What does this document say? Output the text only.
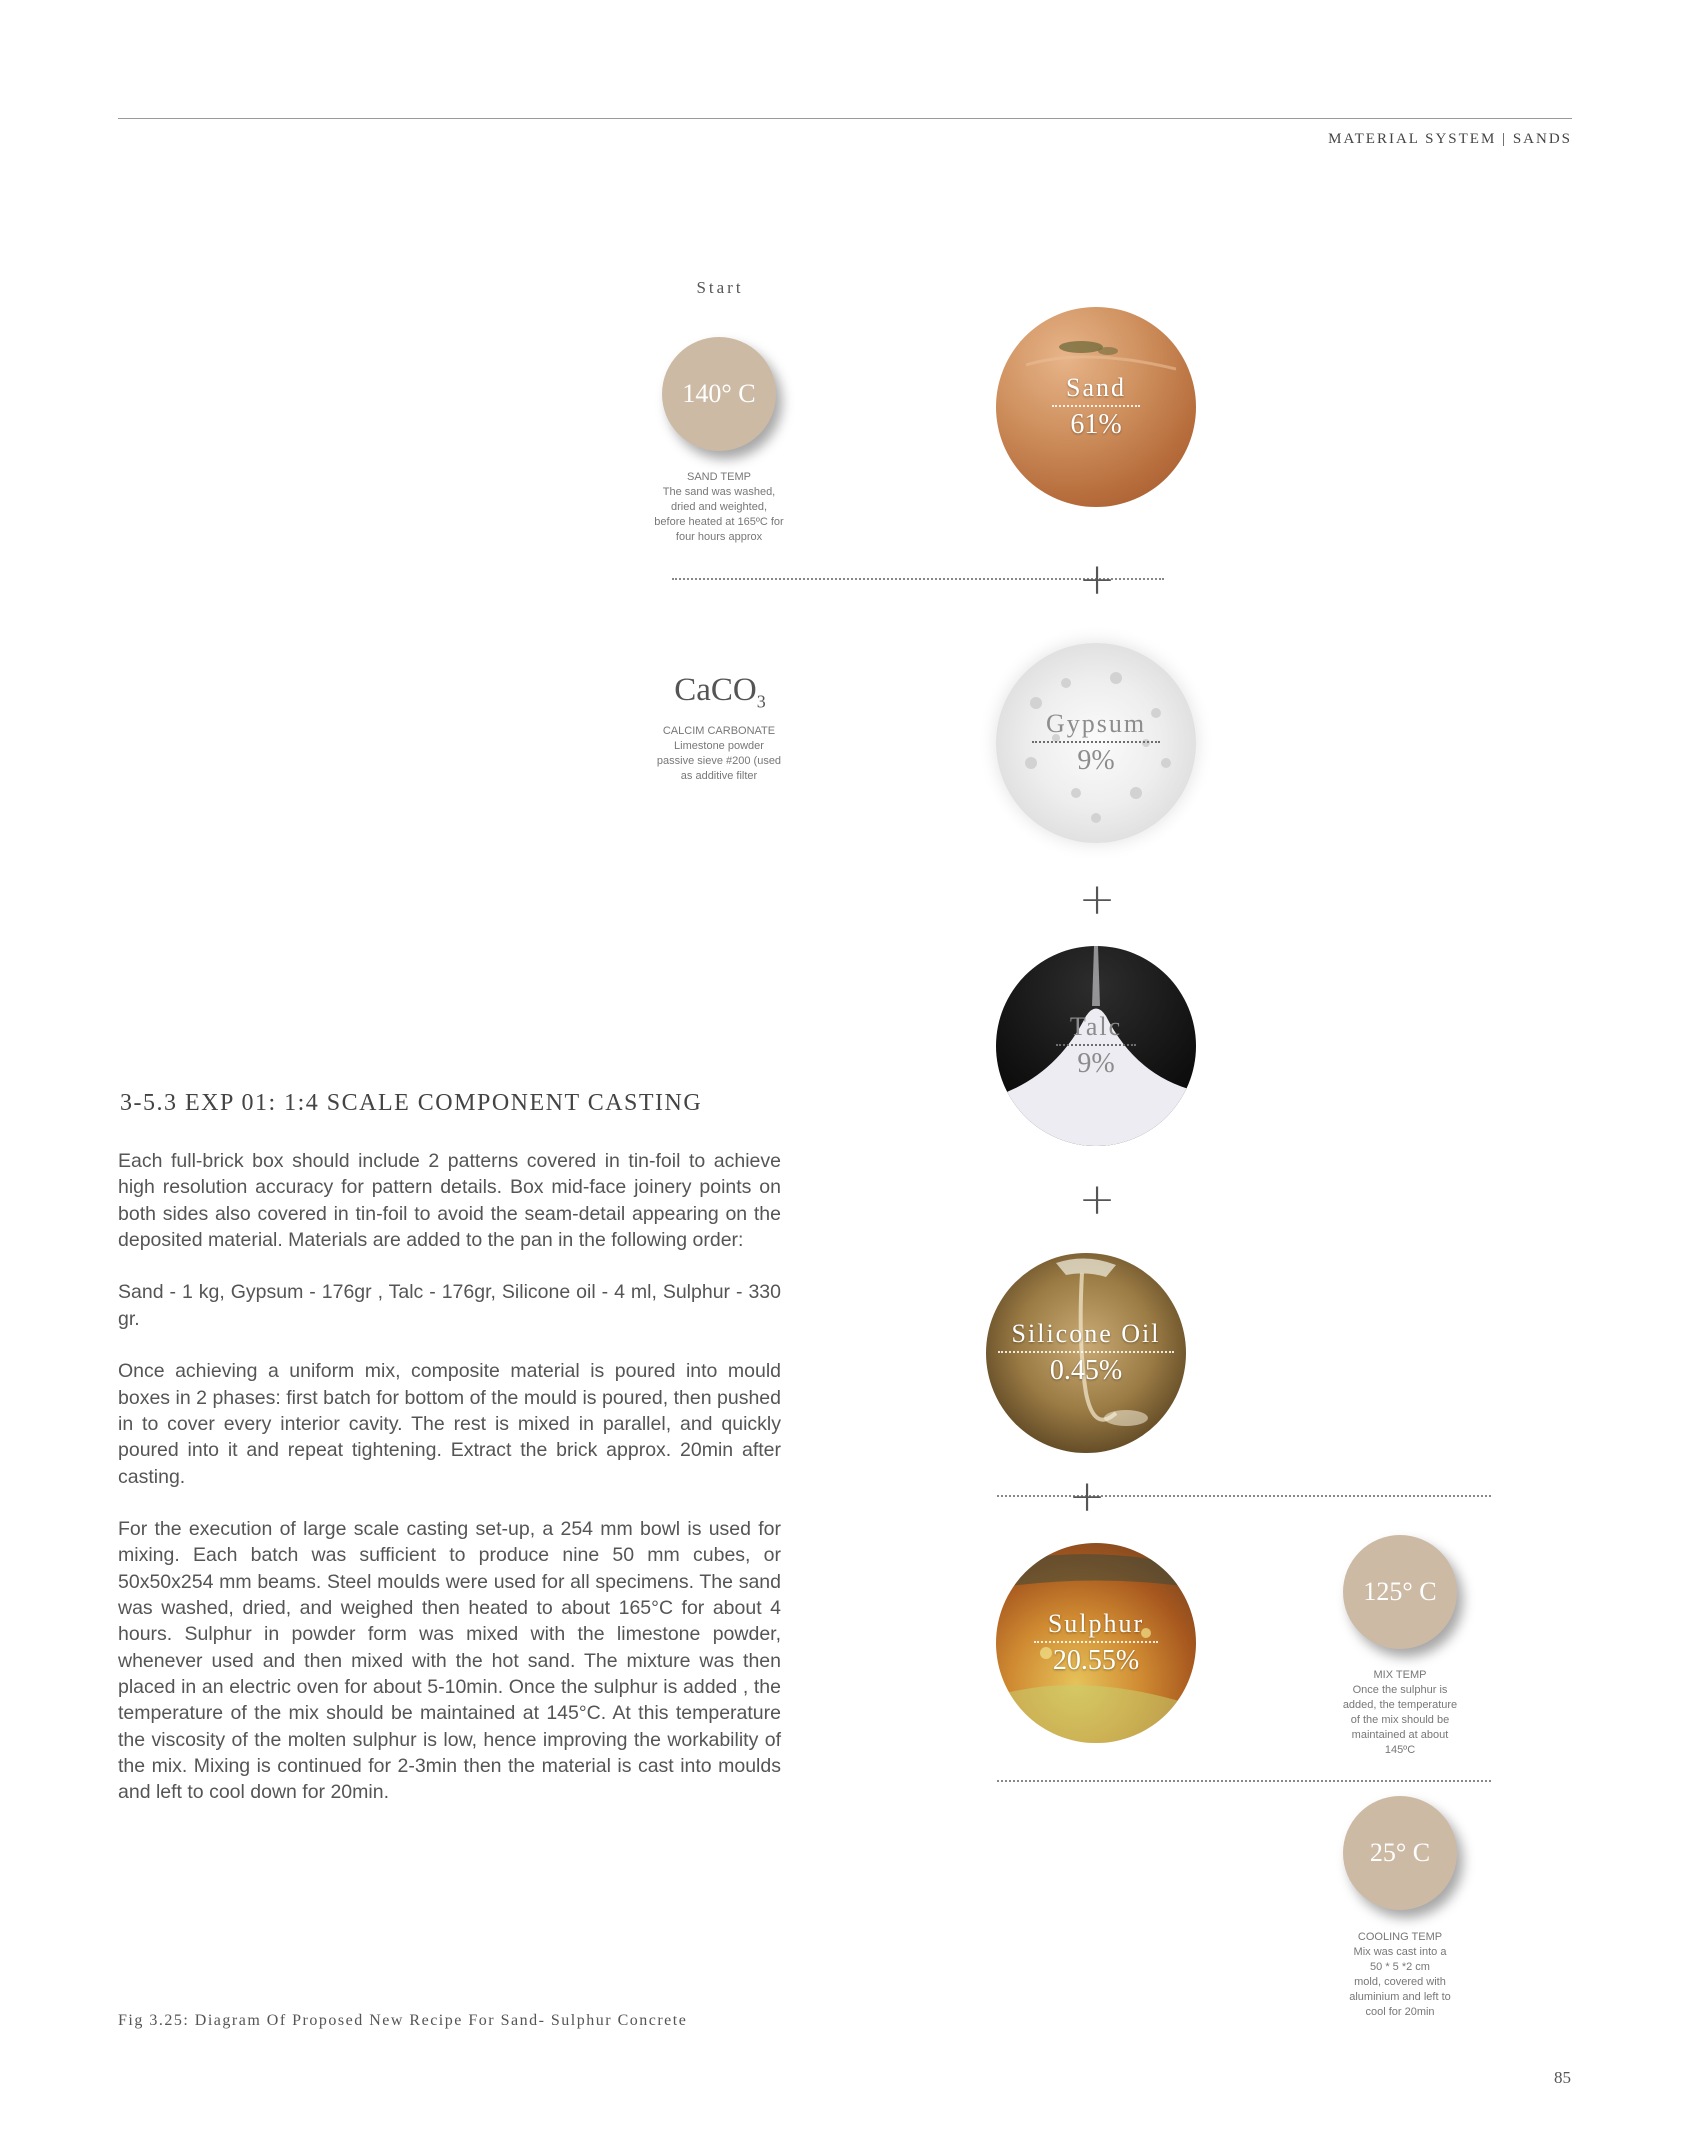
MATERIAL SYSTEM | SANDS
Start
140° C
SAND TEMP
The sand was washed,
dried and weighted,
before heated at 165ºC for
four hours approx
Sand
61%
+
CaCO$_3$
CALCIM CARBONATE
Limestone powder
passive sieve #200 (used
as additive filter
Gypsum
9%
+
Talc
9%
+
Silicone Oil
0.45%
+
Sulphur
20.55%
125° C
MIX TEMP
Once the sulphur is
added, the temperature
of the mix should be
maintained at about
145ºC
25° C
COOLING TEMP
Mix was cast into a
50 * 5 *2 cm
mold, covered with
aluminium and left to
cool for 20min
3-5.3 EXP 01: 1:4 SCALE COMPONENT CASTING

Each full-brick box should include 2 patterns covered in tin-foil to achieve high resolution accuracy for pattern details. Box mid-face joinery points on both sides also covered in tin-foil to avoid the seam-detail appearing on the deposited material. Materials are added to the pan in the following order:

Sand - 1 kg, Gypsum - 176gr , Talc - 176gr, Silicone oil - 4 ml, Sulphur - 330 gr.

Once achieving a uniform mix, composite material is poured into mould boxes in 2 phases: first batch for bottom of the mould is poured, then pushed in to cover every interior cavity. The rest is mixed in parallel, and quickly poured into it and repeat tightening. Extract the brick approx. 20min after casting.

For the execution of large scale casting set-up, a 254 mm bowl is used for mixing. Each batch was sufficient to produce nine 50 mm cubes, or 50x50x254 mm beams. Steel moulds were used for all specimens. The sand was washed, dried, and weighed then heated to about 165°C for about 4 hours. Sulphur in powder form was mixed with the limestone powder, whenever used and then mixed with the hot sand. The mixture was then placed in an electric oven for about 5-10min. Once the sulphur is added , the temperature of the mix should be maintained at 145°C. At this temperature the viscosity of the molten sulphur is low, hence improving the workability of the mix. Mixing is continued for 2-3min then the material is cast into moulds and left to cool down for 20min.

Fig 3.25: Diagram Of Proposed New Recipe For Sand- Sulphur Concrete
85
